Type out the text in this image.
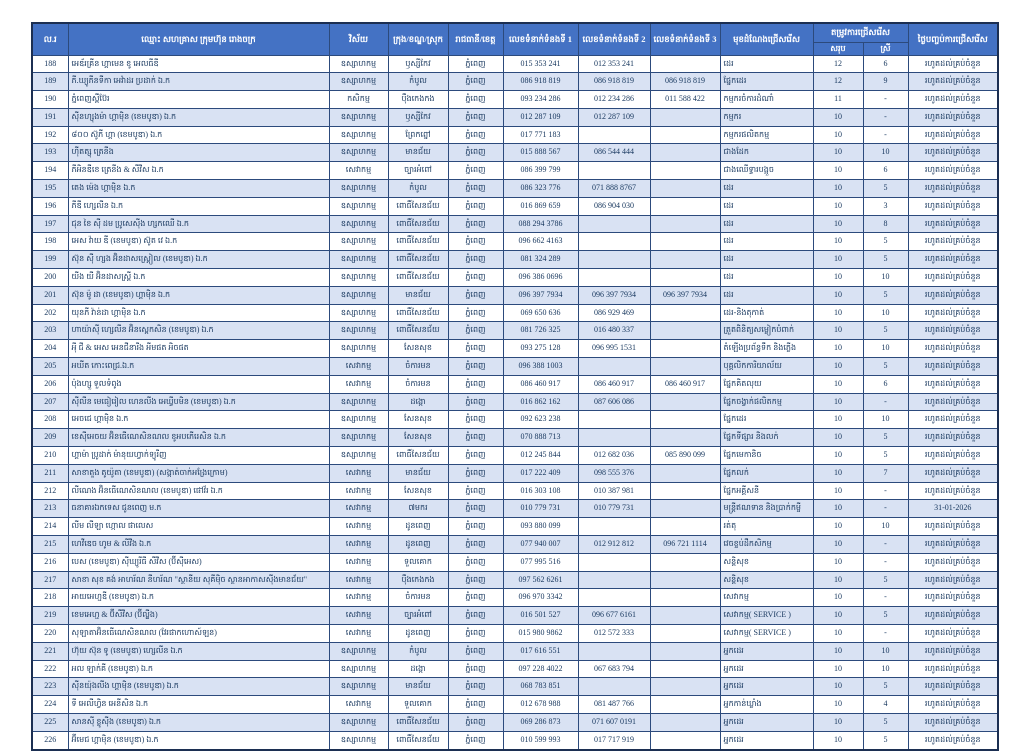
ល.រ	ឈ្មោះ សហគ្រាស ក្រុមហ៊ុន រោងចក្រ	វិស័យ	ក្រុង/ខណ្ឌ/ស្រុក	រាជធានី/ខេត្ត	លេខទំនាក់ទំនងទី 1	លេខទំនាក់ទំនងទី 2	លេខទំនាក់ទំនងទី 3	មុខដំណែងជ្រើសរើស	តម្រូវការជ្រើសរើស		ថ្ងៃបញ្ចប់ការជ្រើសរើស
									សរុប	ស្រី	
188	អេឌ័រគ្រីន ហ្គាមេន ខូ អេលធីឌី	ឧស្សាហកម្ម	ឫស្សីកែវ	ភ្នំពេញ	015 353 241	012 353 241		ដេរ	12	6	រហូតដល់គ្រប់ចំនួន
189	ភី.ឃ្យូភីនទីកា អេវ៉ាដរ ប្រដាក់ ឯ.ក	ឧស្សាហកម្ម	កំបូល	ភ្នំពេញ	086 918 819	086 918 819	086 918 819	ផ្នែកដេរ	12	9	រហូតដល់គ្រប់ចំនួន
190	ភ្នំពេញស្ពឺប៊ែរ	កសិកម្ម	ប៉ឹងកេងកង	ភ្នំពេញ	093 234 286	012 234 286	011 588 422	កម្មករចំការដំណាំ	11	-	រហូតដល់គ្រប់ចំនួន
191	ស៊ីនហ្សុងម៉ា ហ្គាម៉ិន (ខេមបូឌា) ឯ.ក	ឧស្សាហកម្ម	ឫស្សីកែវ	ភ្នំពេញ	012 287 109	012 287 109		កម្មករ	10	-	រហូតដល់គ្រប់ចំនួន
192	៨០០ ស៊ូភី ហ្គា (ខេមបូឌា) ឯ.ក	ឧស្សាហកម្ម	ព្រែកព្នៅ	ភ្នំពេញ	017 771 183			កម្មករផលិតកម្ម	10	-	រហូតដល់គ្រប់ចំនួន
193	ហ៊ីតត្សុ ត្រេនីង	ឧស្សាហកម្ម	មានជ័យ	ភ្នំពេញ	015 888 567	086 544 444		ជាងដែក	10	10	រហូតដល់គ្រប់ចំនួន
194	ភីអិនឌីខេ ត្រេនីង & សឺវីស ឯ.ក	សេវាកម្ម	ច្បារអំពៅ	ភ្នំពេញ	086 399 799			ជាងឈើទ្វារបង្អួច	10	6	រហូតដល់គ្រប់ចំនួន
195	តេង ម៉េង ហ្គាម៉ិន ឯ.ក	ឧស្សាហកម្ម	កំបូល	ភ្នំពេញ	086 323 776	071 888 8767		ដេរ	10	5	រហូតដល់គ្រប់ចំនួន
196	ភីឌី ហ្សេលីន ឯ.ក	ឧស្សាហកម្ម	ពោធិ៍សែនជ័យ	ភ្នំពេញ	016 869 659	086 904 030		ដេរ	10	3	រហូតដល់គ្រប់ចំនួន
197	ជុន ខៃ ស៊ី ដម ប្រូសេស៊ីង ហ្សកឈើ ឯ.ក	ឧស្សាហកម្ម	ពោធិ៍សែនជ័យ	ភ្នំពេញ	088 294 3786			ដេរ	10	8	រហូតដល់គ្រប់ចំនួន
198	អេស វ៉ាយ ឌី (ខេមបូឌា) ស៊ូត វេ ឯ.ក	ឧស្សាហកម្ម	ពោធិ៍សែនជ័យ	ភ្នំពេញ	096 662 4163			ដេរ	10	5	រហូតដល់គ្រប់ចំនួន
199	ស៊ុន ស៊ី ហ្សង អ៊ិនដាសស្រ្តៀល (ខេមបូឌា) ឯ.ក	ឧស្សាហកម្ម	ពោធិ៍សែនជ័យ	ភ្នំពេញ	081 324 289			ដេរ	10	5	រហូតដល់គ្រប់ចំនួន
200	យីង យី អ៊ិនដាសស្រ្តី ឯ.ក	ឧស្សាហកម្ម	ពោធិ៍សែនជ័យ	ភ្នំពេញ	096 386 0696			ដេរ	10	10	រហូតដល់គ្រប់ចំនួន
201	ស៊ុន ម៉ូ ដា (ខេមបូឌា) ហ្គាម៉ិន ឯ.ក	ឧស្សាហកម្ម	មានជ័យ	ភ្នំពេញ	096 397 7934	096 397 7934	096 397 7934	ដេរ	10	5	រហូតដល់គ្រប់ចំនួន
202	យុនភី វ៉ាន់ដា ហ្គាម៉ិន ឯ.ក	ឧស្សាហកម្ម	ពោធិ៍សែនជ័យ	ភ្នំពេញ	069 650 636	086 929 469		ដេរ-និងតុកាត់	10	10	រហូតដល់គ្រប់ចំនួន
203	ហាយ៉ាស៊ី ហ្សេលីន អ៊ិនស្ពេកសិន (ខេមបូឌា) ឯ.ក	ឧស្សាហកម្ម	ពោធិ៍សែនជ័យ	ភ្នំពេញ	081 726 325	016 480 337		ត្រួតពិនិត្យសម្លៀកបំពាក់	10	5	រហូតដល់គ្រប់ចំនួន
204	អុី ជី & អេស អេនជីនារីង អីមផត អិចផត	ឧស្សាហកម្ម	សែនសុខ	ភ្នំពេញ	093 275 128	096 995 1531		តំឡើងប្រព័ន្ធទឹក និងភ្លើង	10	10	រហូតដល់គ្រប់ចំនួន
205	អឃីត កោះពេជ្រ.ឯ.ក	សេវាកម្ម	ចំការមន	ភ្នំពេញ	096 388 1003			បុគ្គលិកការិយាល័យ	10	5	រហូតដល់គ្រប់ចំនួន
206	ប៉ុងហ្សួ ទួលទំពូង	សេវាកម្ម	ចំការមន	ភ្នំពេញ	086 460 917	086 460 917	086 460 917	ផ្នែកគិតលុយ	10	6	រហូតដល់គ្រប់ចំនួន
207	ស៊ីលីន មេធៀរៀល ហេនលីង អេឃ្វីបមិន (ខេមបូឌា) ឯ.ក	ឧស្សាហកម្ម	ដង្កោ	ភ្នំពេញ	016 862 162	087 606 086		ផ្នែកចង្វាក់ផលិតកម្ម	10	-	រហូតដល់គ្រប់ចំនួន
208	អេចជេ ហ្គាម៉ិន ឯ.ក	ឧស្សាហកម្ម	សែនសុខ	ភ្នំពេញ	092 623 238			ផ្នែកដេរ	10	10	រហូតដល់គ្រប់ចំនួន
209	ខេស៊ីអេចយ អ៊ិនធើណេសិនណល ខូអបភើរេសិន ឯ.ក	ឧស្សាហកម្ម	សែនសុខ	ភ្នំពេញ	070 888 713			ផ្នែកទីផ្សារ និងលក់	10	5	រហូតដល់គ្រប់ចំនួន
210	ហ្គាម៉ា ប្រូដាក់ ម៉ានុយហ្វាក់ទ្យូរីញ	ឧស្សាហកម្ម	ពោធិ៍សែនជ័យ	ភ្នំពេញ	012 245 844	012 682 036	085 890 099	ផ្នែកមេកានិច	10	5	រហូតដល់គ្រប់ចំនួន
211	សាខាតួង តូយ៉ូតា (ខេមបូឌា) (សង្កាត់ចាក់អង្រែក្រោម)	សេវាកម្ម	មានជ័យ	ភ្នំពេញ	017 222 409	098 555 376		ផ្នែកលក់	10	7	រហូតដល់គ្រប់ចំនួន
212	លីណេង អ៊ិនធើណេសិនណល (ខេមបូឌា) ផៅវ័រ ឯ.ក	សេវាកម្ម	សែនសុខ	ភ្នំពេញ	016 303 108	010 387 981		ផ្នែកអគ្គីសនី	10	-	រហូតដល់គ្រប់ចំនួន
213	ធនាគារឯកទេស ជូនពេញ ម.ក	សេវាកម្ម	៧មករ	ភ្នំពេញ	010 779 731	010 779 731		មន្ត្រីឥណទាន និងប្រាក់កម្ចី	10	-	31-01-2026
214	លីម លីឡា ហ្កោល ផាលេស	សេវាកម្ម	ដូនពេញ	ភ្នំពេញ	093 880 099			រត់តុ	10	10	រហូតដល់គ្រប់ចំនួន
215	ហេវីឌេច ហូម & លីវីង ឯ.ក	សេវាកម្ម	ដូនពេញ	ភ្នំពេញ	077 940 007	012 912 812	096 721 1114	វេចខ្ចប់ដឹកសិកម្ម	10	-	រហូតដល់គ្រប់ចំនួន
216	បេស (ខេមបូឌា) ស៊ីឃ្យូរីធី សឺវីស (ប៊ីស៊ីអេស)	សេវាកម្ម	ទួលគោក	ភ្នំពេញ	077 995 516			សន្តិសុខ	10	-	រហូតដល់គ្រប់ចំនួន
217	សាខា សុខ គង់ អាហរ័ណ នីហរ័ណ "ស្ថានីយ សុគីម៉ិច ស្ថានអាកាសស៊ីងមានជ័យ"	សេវាកម្ម	ប៉ឹងកេងកង	ភ្នំពេញ	097 562 6261			សន្តិសុខ	10	5	រហូតដល់គ្រប់ចំនួន
218	អាយអេហ្ជឌី (ខេមបូឌា) ឯ.ក	សេវាកម្ម	ចំការមន	ភ្នំពេញ	096 970 3342			សេវាកម្ម	10	-	រហូតដល់គ្រប់ចំនួន
219	ខេមអេហ្ជ & ប៊ីសឺវីស (ប៊ីល្ឌីង)	សេវាកម្ម	ច្បារអំពៅ	ភ្នំពេញ	016 501 527	096 677 6161		សេវាកម្ម( SERVICE )	10	5	រហូតដល់គ្រប់ចំនួន
220	សុឡាតាអ៊ិនធើណេសិនណល (វែរផាកហោស៍ឡន)	សេវាកម្ម	ដូនពេញ	ភ្នំពេញ	015 980 9862	012 572 333		សេវាកម្ម( SERVICE )	10	-	រហូតដល់គ្រប់ចំនួន
221	ហ៊ុយ ស៊ុន ទូ (ខេមបូឌា) ហ្សេលីន ឯ.ក	ឧស្សាហកម្ម	កំបូល	ភ្នំពេញ	017 616 551			អ្នកដេរ	10	10	រហូតដល់គ្រប់ចំនួន
222	អល ឡាក់គី (ខេមបូឌា) ឯ.ក	ឧស្សាហកម្ម	ដង្កោ	ភ្នំពេញ	097 228 4022	067 683 794		អ្នកដេរ	10	10	រហូតដល់គ្រប់ចំនួន
223	ស៊ីនយ៉ុងលីង ហ្គាម៉ិន (ខេមបូឌា) ឯ.ក	ឧស្សាហកម្ម	មានជ័យ	ភ្នំពេញ	068 783 851			អ្នកដេរ	10	5	រហូតដល់គ្រប់ចំនួន
224	ទី អេលីហ្វិន អេនីសិន ឯ.ក	សេវាកម្ម	ទួលគោក	ភ្នំពេញ	012 678 988	081 487 766		អ្នកកាន់ឃ្លាំង	10	4	រហូតដល់គ្រប់ចំនួន
225	សានស៊ី ខ្លូស៊ីង (ខេមបូឌា) ឯ.ក	ឧស្សាហកម្ម	ពោធិ៍សែនជ័យ	ភ្នំពេញ	069 286 873	071 607 0191		អ្នកដេរ	10	5	រហូតដល់គ្រប់ចំនួន
226	អ៊ីមេជ ហ្គាម៉ិន (ខេមបូឌា) ឯ.ក	ឧស្សាហកម្ម	ពោធិ៍សែនជ័យ	ភ្នំពេញ	010 599 993	017 717 919		អ្នកដេរ	10	5	រហូតដល់គ្រប់ចំនួន
